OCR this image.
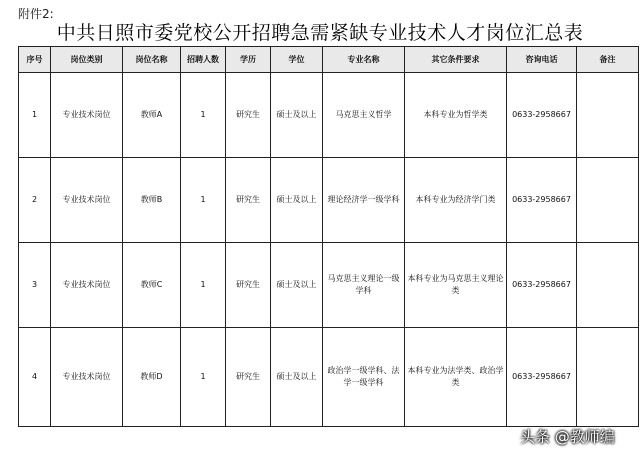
附件2:
中共日照市委党校公开招聘急需紧缺专业技术人才岗位汇总表
序号	岗位类别	岗位名称	招聘人数	学历	学位	专业名称	其它条件要求	咨询电话	备注
1	专业技术岗位	教师A	1	研究生	硕士及以上	马克思主义哲学	本科专业为哲学类	0633-2958667	
2	专业技术岗位	教师B	1	研究生	硕士及以上	理论经济学一级学科	本科专业为经济学门类	0633-2958667	
3	专业技术岗位	教师C	1	研究生	硕士及以上	马克思主义理论一级学科	本科专业为马克思主义理论类	0633-2958667	
4	专业技术岗位	教师D	1	研究生	硕士及以上	政治学一级学科、法学一级学科	本科专业为法学类、政治学类	0633-2958667	
头条 @教师编
